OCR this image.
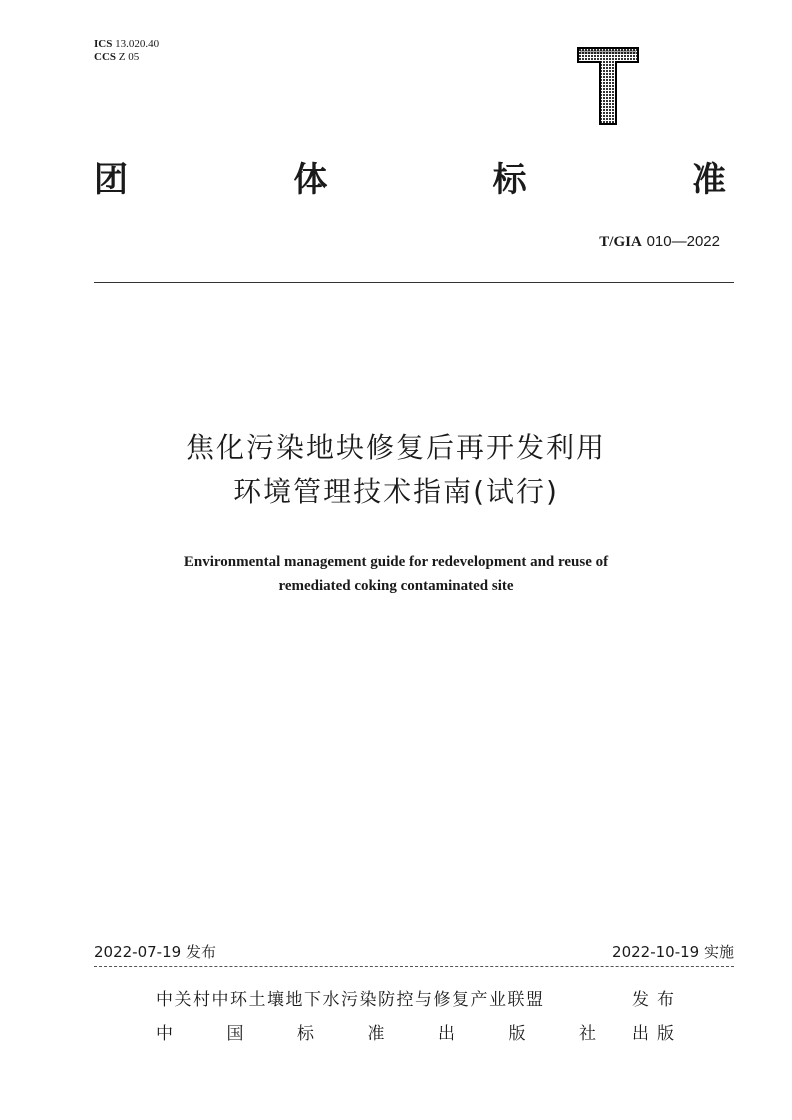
ICS 13.020.40
CCS Z 05
团	体	标	准
T/GIA 010—2022
焦化污染地块修复后再开发利用
环境管理技术指南(试行)
Environmental management guide for redevelopment and reuse of
remediated coking contaminated site
2022-07-19 发布	2022-10-19 实施
中关村中环土壤地下水污染防控与修复产业联盟	发布
中	国	标	准	出	版	社 出版
